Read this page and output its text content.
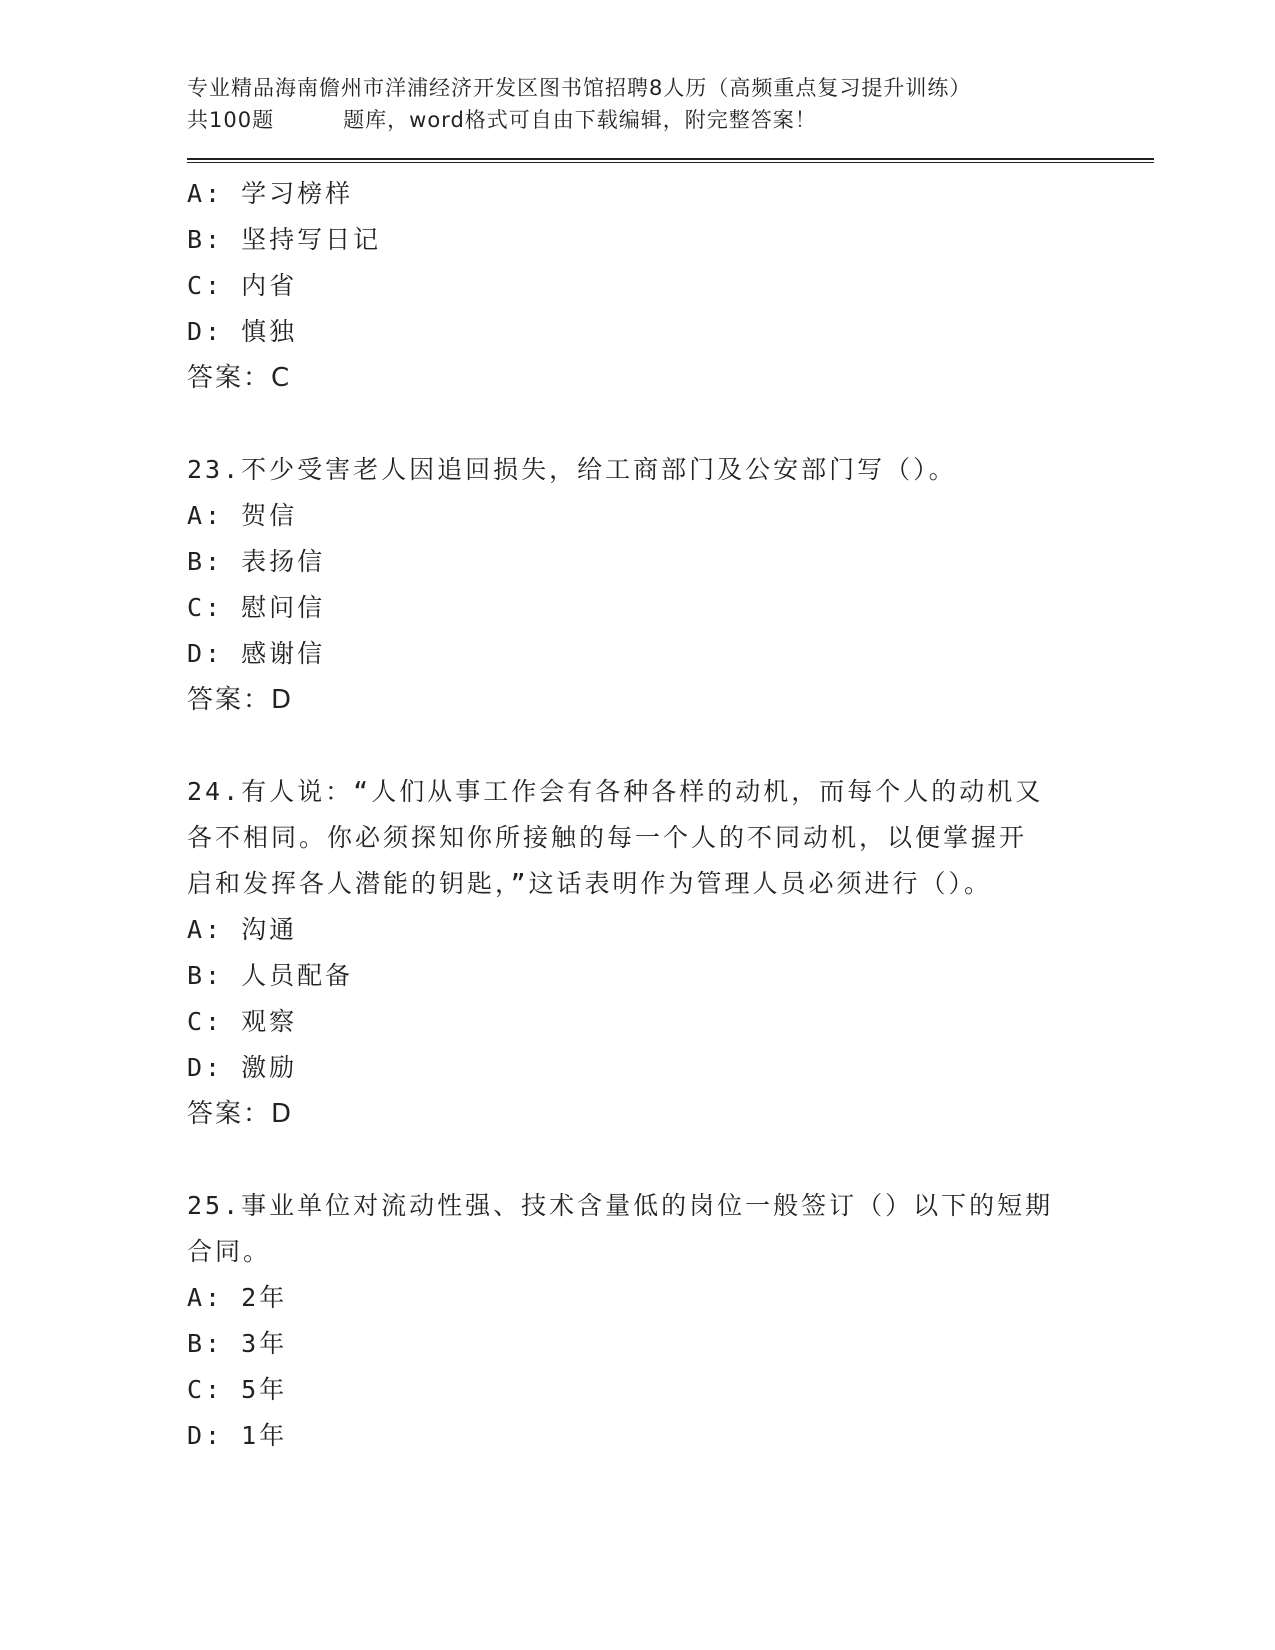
专业精品海南儋州市洋浦经济开发区图书馆招聘8人历（高频重点复习提升训练）
共100题         题库，word格式可自由下载编辑，附完整答案！
A: 学习榜样
B: 坚持写日记
C: 内省
D: 慎独
答案：C
23.不少受害老人因追回损失，给工商部门及公安部门写（）。
A: 贺信
B: 表扬信
C: 慰问信
D: 感谢信
答案：D
24.有人说：“人们从事工作会有各种各样的动机，而每个人的动机又
各不相同。你必须探知你所接触的每一个人的不同动机，以便掌握开
启和发挥各人潜能的钥匙，”这话表明作为管理人员必须进行（）。
A: 沟通
B: 人员配备
C: 观察
D: 激励
答案：D
25.事业单位对流动性强、技术含量低的岗位一般签订（）以下的短期
合同。
A: 2年
B: 3年
C: 5年
D: 1年
